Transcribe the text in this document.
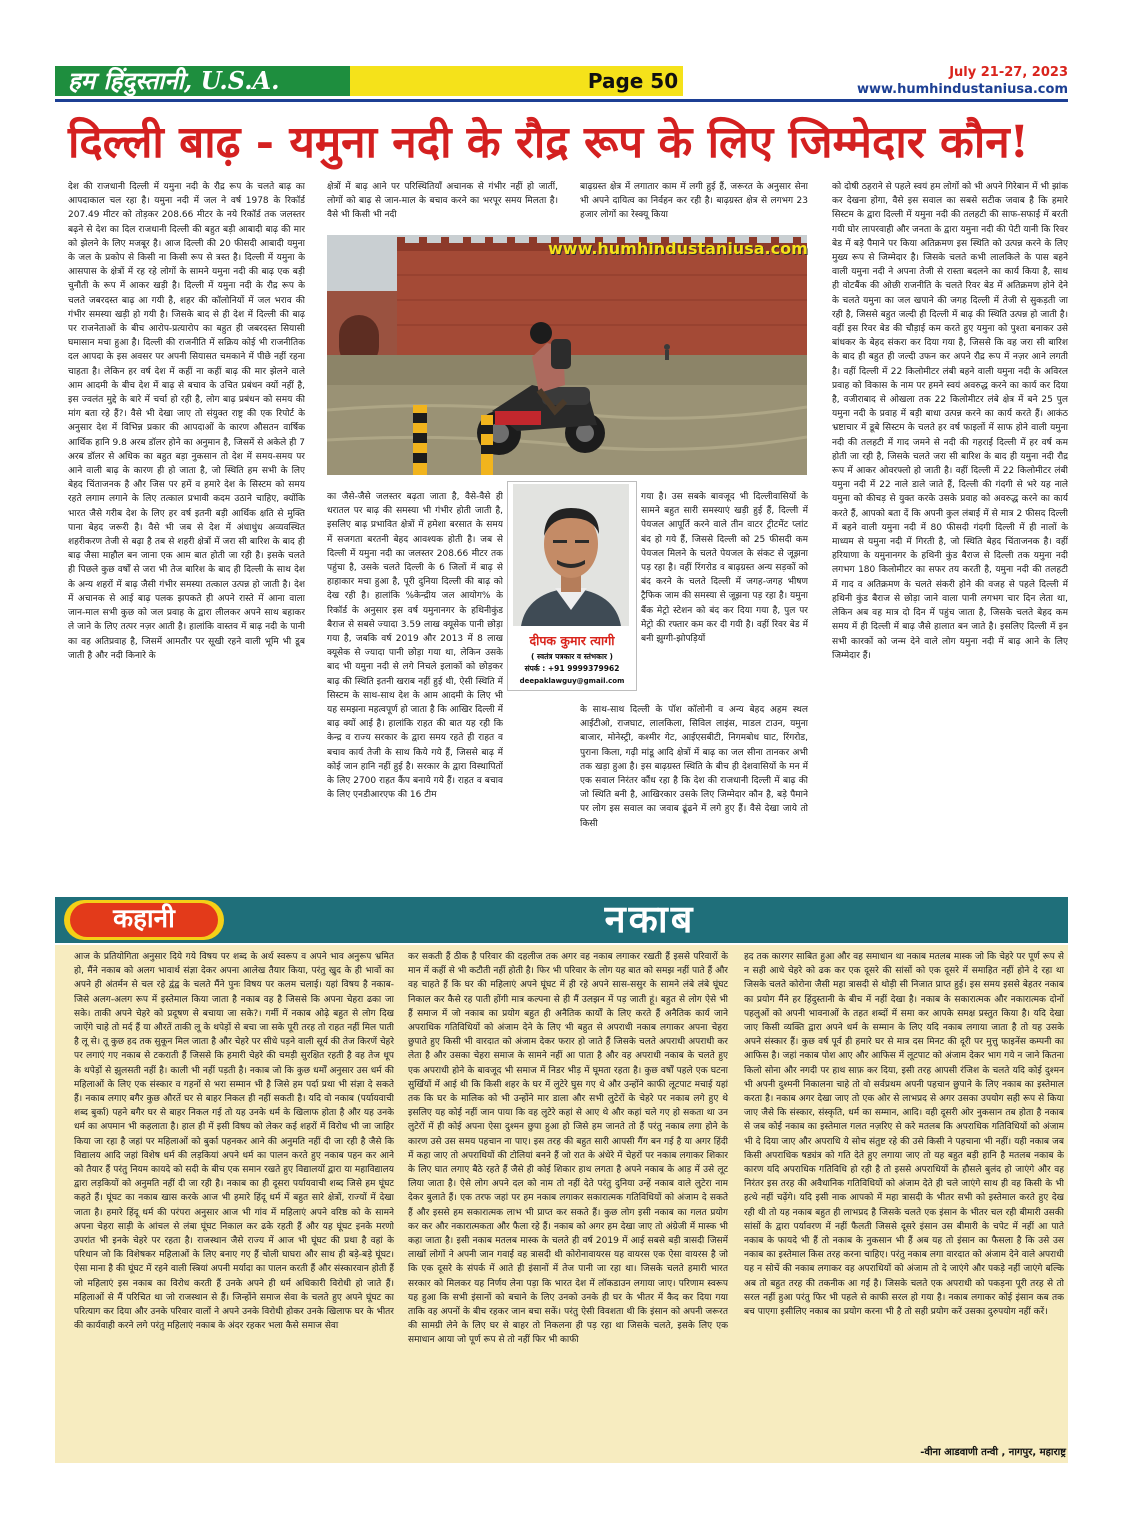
हम हिंदुस्तानी, U.S.A.	Page 50	July 21-27, 2023
www.humhindustaniusa.com
दिल्ली बाढ़ - यमुना नदी के रौद्र रूप के लिए जिम्मेदार कौन!
देश की राजधानी दिल्ली में यमुना नदी के रौद्र रूप के चलते बाढ़ का आपदाकाल चल रहा है। यमुना नदी में जल ने वर्ष 1978 के रिकॉर्ड 207.49 मीटर को तोड़कर 208.66 मीटर के नये रिकॉर्ड तक जलस्तर बढ़ने से देश का दिल राजधानी दिल्ली की बहुत बड़ी आबादी बाढ़ की मार को झेलने के लिए मजबूर है। आज दिल्ली की 20 फीसदी आबादी यमुना के जल के प्रकोप से किसी ना किसी रूप से त्रस्त है। दिल्ली में यमुना के आसपास के क्षेत्रों में रह रहे लोगों के सामने यमुना नदी की बाढ़ एक बड़ी चुनौती के रूप में आकर खड़ी है। दिल्ली में यमुना नदी के रौद्र रूप के चलते जबरदस्त बाढ़ आ गयी है, शहर की कॉलोनियों में जल भराव की गंभीर समस्या खड़ी हो गयी है। जिसके बाद से ही देश में दिल्ली की बाढ़ पर राजनेताओं के बीच आरोप-प्रत्यारोप का बहुत ही जबरदस्त सियासी घमासान मचा हुआ है। दिल्ली की राजनीति में सक्रिय कोई भी राजनीतिक दल आपदा के इस अवसर पर अपनी सियासत चमकाने में पीछे नहीं रहना चाहता है। लेकिन हर वर्ष देश में कहीं ना कहीं बाढ़ की मार झेलने वाले आम आदमी के बीच देश में बाढ़ से बचाव के उचित प्रबंधन क्यों नहीं है, इस ज्वलंत मुद्दे के बारे में चर्चा हो रही है, लोग बाढ़ प्रबंधन को समय की मांग बता रहे हैं?। वैसे भी देखा जाए तो संयुक्त राष्ट्र की एक रिपोर्ट के अनुसार देश में विभिन्न प्रकार की आपदाओं के कारण औसतन वार्षिक आर्थिक हानि 9.8 अरब डॉलर होने का अनुमान है, जिसमें से अकेले ही 7 अरब डॉलर से अधिक का बहुत बड़ा नुकसान तो देश में समय-समय पर आने वाली बाढ़ के कारण ही हो जाता है, जो स्थिति हम सभी के लिए बेहद चिंताजनक है और जिस पर हमें व हमारे देश के सिस्टम को समय रहते लगाम लगाने के लिए तत्काल प्रभावी कदम उठाने चाहिए, क्योंकि भारत जैसे गरीब देश के लिए हर वर्ष इतनी बड़ी आर्थिक क्षति से मुक्ति पाना बेहद जरूरी है। वैसे भी जब से देश में अंधाधुंध अव्यवस्थित शहरीकरण तेजी से बढ़ा है तब से शहरी क्षेत्रों में जरा सी बारिश के बाद ही बाढ़ जैसा माहौल बन जाना एक आम बात होती जा रही है। इसके चलते ही पिछले कुछ वर्षों से जरा भी तेज बारिश के बाद ही दिल्ली के साथ देश के अन्य शहरों में बाढ़ जैसी गंभीर समस्या तत्काल उत्पन्न हो जाती है। देश में अचानक से आई बाढ़ पलक झपकते ही अपने रास्ते में आना वाला जान-माल सभी कुछ को जल प्रवाह के द्वारा लीलकर अपने साथ बहाकर ले जाने के लिए तत्पर नज़र आती है। हालांकि वास्तव में बाढ़ नदी के पानी का वह अतिप्रवाह है, जिसमें आमतौर पर सूखी रहने वाली भूमि भी डूब जाती है और नदी किनारे के
क्षेत्रों में बाढ़ आने पर परिस्थितियाँ अचानक से गंभीर नहीं हो जातीं, लोगों को बाढ़ से जान-माल के बचाव करने का भरपूर समय मिलता है। वैसे भी किसी भी नदी
का जैसे-जैसे जलस्तर बढ़ता जाता है, वैसे-वैसे ही धरातल पर बाढ़ की समस्या भी गंभीर होती जाती है, इसलिए बाढ़ प्रभावित क्षेत्रों में हमेशा बरसात के समय में सजगता बरतनी बेहद आवश्यक होती है। जब से दिल्ली में यमुना नदी का जलस्तर 208.66 मीटर तक पहुंचा है, उसके चलते दिल्ली के 6 जिलों में बाढ़ से हाहाकार मचा हुआ है, पूरी दुनिया दिल्ली की बाढ़ को देख रही है। हालांकि %केन्द्रीय जल आयोग% के रिकॉर्ड के अनुसार इस वर्ष यमुनानगर के हथिनीकुंड बैराज से सबसे ज्यादा 3.59 लाख क्यूसेक पानी छोड़ा गया है, जबकि वर्ष 2019 और 2013 में 8 लाख क्यूसेक से ज्यादा पानी छोड़ा गया था, लेकिन उसके बाद भी यमुना नदी से लगे निचले इलाकों को छोड़कर बाढ़ की स्थिति इतनी खराब नहीं हुई थी, ऐसी स्थिति में सिस्टम के साथ-साथ देश के आम आदमी के लिए भी यह समझना महत्वपूर्ण हो जाता है कि आखिर दिल्ली में बाढ़ क्यों आई है। हालांकि राहत की बात यह रही कि केन्द्र व राज्य सरकार के द्वारा समय रहते ही राहत व बचाव कार्य तेजी के साथ किये गये हैं, जिससे बाढ़ में कोई जान हानि नहीं हुई है। सरकार के द्वारा विस्थापितों के लिए 2700 राहत कैंप बनाये गये हैं। राहत व बचाव के लिए एनडीआरएफ की 16 टीम
बाढ़ग्रस्त क्षेत्र में लगातार काम में लगी हुई हैं, जरूरत के अनुसार सेना भी अपने दायित्व का निर्वहन कर रही है। बाढ़ग्रस्त क्षेत्र से लगभग 23 हजार लोगों का रेस्क्यू किया
गया है। उस सबके बावजूद भी दिल्लीवासियों के सामने बहुत सारी समस्याएं खड़ी हुई हैं, दिल्ली में पेयजल आपूर्ति करने वाले तीन वाटर ट्रीटमेंट प्लांट बंद हो गये हैं, जिससे दिल्ली को 25 फीसदी कम पेयजल मिलने के चलते पेयजल के संकट से जूझना पड़ रहा है। वहीं रिंगरोड व बाढ़ग्रस्त अन्य सड़कों को बंद करने के चलते दिल्ली में जगह-जगह भीषण ट्रैफिक जाम की समस्या से जूझना पड़ रहा है। यमुना बैंक मेट्रो स्टेशन को बंद कर दिया गया है, पुल पर मेट्रो की रफ्तार कम कर दी गयी है। वहीं रिवर बेड में बनी झुग्गी-झोपड़ियों
के साथ-साथ दिल्ली के पॉश कॉलोनी व अन्य बेहद अहम स्थल आईटीओ, राजघाट, लालकिला, सिविल लाइंस, माडल टाउन, यमुना बाजार, मोनेस्ट्री, कश्मीर गेट, आईएसबीटी, निगमबोध घाट, रिंगरोड, पुराना किला, गढ़ी मांडू आदि क्षेत्रों में बाढ़ का जल सीना तानकर अभी तक खड़ा हुआ है। इस बाढ़ग्रस्त स्थिति के बीच ही देशवासियों के मन में एक सवाल निरंतर कौंध रहा है कि देश की राजधानी दिल्ली में बाढ़ की जो स्थिति बनी है, आखिरकार उसके लिए जिम्मेदार कौन है, बड़े पैमाने पर लोग इस सवाल का जवाब ढूंढने में लगे हुए हैं। वैसे देखा जाये तो किसी
को दोषी ठहराने से पहले स्वयं हम लोगों को भी अपने गिरेबान में भी झांक कर देखना होगा, वैसे इस सवाल का सबसे सटीक जवाब है कि हमारे सिस्टम के द्वारा दिल्ली में यमुना नदी की तलहटी की साफ-सफाई में बरती गयी घोर लापरवाही और जनता के द्वारा यमुना नदी की पेटी यानी कि रिवर बेड में बड़े पैमाने पर किया अतिक्रमण इस स्थिति को उत्पन्न करने के लिए मुख्य रूप से जिम्मेदार है। जिसके चलते कभी लालकिले के पास बहने वाली यमुना नदी ने अपना तेजी से रास्ता बदलने का कार्य किया है, साथ ही वोटबैंक की ओछी राजनीति के चलते रिवर बेड में अतिक्रमण होने देने के चलते यमुना का जल खपाने की जगह दिल्ली में तेजी से सुकड़ती जा रही है, जिससे बहुत जल्दी ही दिल्ली में बाढ़ की स्थिति उत्पन्न हो जाती है। वहीं इस रिवर बेड की चौड़ाई कम करते हुए यमुना को पुश्ता बनाकर उसे बांधकर के बेहद संकरा कर दिया गया है, जिससे कि वह जरा सी बारिश के बाद ही बहुत ही जल्दी उफन कर अपने रौद्र रूप में नज़र आने लगती है। वहीं दिल्ली में 22 किलोमीटर लंबी बहने वाली यमुना नदी के अविरल प्रवाह को विकास के नाम पर हमने स्वयं अवरुद्ध करने का कार्य कर दिया है, वजीराबाद से ओखला तक 22 किलोमीटर लंबे क्षेत्र में बने 25 पुल यमुना नदी के प्रवाह में बड़ी बाधा उत्पन्न करने का कार्य करते हैं। आकंठ भ्रष्टाचार में डूबे सिस्टम के चलते हर वर्ष फाइलों में साफ होने वाली यमुना नदी की तलहटी में गाद जमने से नदी की गहराई दिल्ली में हर वर्ष कम होती जा रही है, जिसके चलते जरा सी बारिश के बाद ही यमुना नदी रौद्र रूप में आकर ओवरफ्लो हो जाती है। वहीं दिल्ली में 22 किलोमीटर लंबी यमुना नदी में 22 नाले डाले जाते हैं, दिल्ली की गंदगी से भरे यह नाले यमुना को कीचड़ से युक्त करके उसके प्रवाह को अवरुद्ध करने का कार्य करते हैं, आपको बता दें कि अपनी कुल लंबाई में से मात्र 2 फीसद दिल्ली में बहने वाली यमुना नदी में 80 फीसदी गंदगी दिल्ली में ही नालों के माध्यम से यमुना नदी में गिरती है, जो स्थिति बेहद चिंताजनक है। वहीं हरियाणा के यमुनानगर के हथिनी कुंड बैराज से दिल्ली तक यमुना नदी लगभग 180 किलोमीटर का सफर तय करती है, यमुना नदी की तलहटी में गाद व अतिक्रमण के चलते संकरी होने की वजह से पहले दिल्ली में हथिनी कुंड बैराज से छोड़ा जाने वाला पानी लगभग चार दिन लेता था, लेकिन अब वह मात्र दो दिन में पहुंच जाता है, जिसके चलते बेहद कम समय में ही दिल्ली में बाढ़ जैसे हालात बन जाते है। इसलिए दिल्ली में इन सभी कारकों को जन्म देने वाले लोग यमुना नदी में बाढ़ आने के लिए जिम्मेदार हैं।
www.humhindustaniusa.com
दीपक कुमार त्यागी
( स्वतंत्र पत्रकार व स्तंभकार )
संपर्क : +91 9999379962
deepaklawguy@gmail.com
कहानी	नकाब
आज के प्रतियोगिता अनुसार दिये गये विषय पर शब्द के अर्थ स्वरूप व अपने भाव अनुरूप भ्रमित हो, मैंने नकाब को अलग भावार्थ संज्ञा देकर अपना आलेख तैयार किया, परंतु खुद के ही भावों का अपने ही अंतर्मन से चल रहे द्वंद्व के चलते मैंने पुनः विषय पर कलम चलाई। यहां विषय है नकाब- जिसे अलग-अलग रूप में इस्तेमाल किया जाता है नकाब वह है जिससे कि अपना चेहरा ढका जा सके। ताकी अपने चेहरे को प्रदूषण से बचाया जा सके?। गर्मी में नकाब ओढ़े बहुत से लोग दिख जाऐंगे चाहे तो मर्द हैं या औरतें ताकी लू के थपेड़ों से बचा जा सके पूरी तरह तो राहत नहीं मिल पाती है लू से। तू कुछ हद तक सुकून मिल जाता है और चेहरे पर सीधे पड़ने वाली सूर्य की तेज किरणें चेहरे पर लगाएं गए नकाब से टकराती हैं जिससे कि हमारी चेहरे की चमड़ी सुरक्षित रहती है वह तेज धूप के थपेड़ों से झुलसती नहीं है। काली भी नहीं पड़ती है। नकाब जो कि कुछ धर्मों अनुसार उस धर्म की महिलाओं के लिए एक संस्कार व गहनों से भरा सम्मान भी है जिसे हम पर्दा प्रथा भी संज्ञा दे सकते हैं। नकाब लगाए बगैर कुछ औरतें घर से बाहर निकल ही नहीं सकती है। यदि वो नकाब (पर्यायवाची शब्द बुर्का) पहने बगैर घर से बाहर निकल गई तो यह उनके धर्म के खिलाफ होता है और यह उनके धर्म का अपमान भी कहलाता है। हाल ही में इसी विषय को लेकर कई शहरों में विरोध भी जा जाहिर किया जा रहा है जहां पर महिलाओं को बुर्का पहनकर आने की अनुमति नहीं दी जा रही है जैसे कि विद्यालय आदि जहां विशेष धर्म की लड़कियां अपने धर्म का पालन करते हुए नकाब पहन कर आने को तैयार हैं परंतु नियम कायदे को सदी के बीच एक समान रखते हुए विद्यालयों द्वारा या महाविद्यालय द्वारा लड़कियों को अनुमति नहीं दी जा रही है। नकाब का ही दूसरा पर्यायवाची शब्द जिसे हम घूंघट कहते हैं। घूंघट का नकाब खास करके आज भी हमारे हिंदू धर्म में बहुत सारे क्षेत्रों, राज्यों में देखा जाता है। हमारे हिंदू धर्म की परंपरा अनुसार आज भी गांव में महिलाएं अपने वरिष्ठ को के सामने अपना चेहरा साड़ी के आंचल से लंबा घूंघट निकाल कर ढके रहती हैं और यह घूंघट इनके मरणो उपरांत भी इनके चेहरे पर रहता है। राजस्थान जैसे राज्य में आज भी घूंघट की प्रथा है वहां के परिधान जो कि विशेषकर महिलाओं के लिए बनाए गए हैं चोली घाघरा और साथ ही बड़े-बड़े घूंघट। ऐसा माना है की घूंघट में रहने वाली स्त्रियां अपनी मर्यादा का पालन करती हैं और संस्कारवान होती हैं जो महिलाएं इस नकाब का विरोध करती हैं उनके अपने ही धर्म अधिकारी विरोधी हो जाते हैं। महिलाओं से मैं परिचित था जो राजस्थान से हैं। जिन्होंने समाज सेवा के चलते हुए अपने घूंघट का परित्याग कर दिया और उनके परिवार वालों ने अपने उनके विरोधी होकर उनके खिलाफ घर के भीतर की कार्यवाही करने लगे परंतु महिलाएं नकाब के अंदर रहकर भला कैसे समाज सेवा
कर सकती हैं ठीक है परिवार की दहलीज तक अगर वह नकाब लगाकर रखती हैं इससे परिवारों के मान में कहीं से भी कटौती नहीं होती है। फिर भी परिवार के लोग यह बात को समझ नहीं पाते हैं और वह चाहते हैं कि घर की महिलाएं अपने घूंघट में ही रहे अपने सास-ससुर के सामने लंबे लंबे घूंघट निकाल कर कैसे रह पाती होंगी मात्र कल्पना से ही मैं उलझन में पड़ जाती हूं। बहुत से लोग ऐसे भी हैं समाज में जो नकाब का प्रयोग बहुत ही अनैतिक कार्यों के लिए करते हैं अनैतिक कार्य जाने अपराधिक गतिविधियों को अंजाम देने के लिए भी बहुत से अपराधी नकाब लगाकर अपना चेहरा छुपाते हुए किसी भी वारदात को अंजाम देकर फरार हो जाते हैं जिसके चलते अपराधी अपराधी कर लेता है और उसका चेहरा समाज के सामने नहीं आ पाता है और वह अपराधी नकाब के चलते हुए एक अपराधी होने के बावजूद भी समाज में निडर भीड़ में घूमता रहता है। कुछ वर्षों पहले एक घटना सुर्खियों में आई थी कि किसी शहर के घर में लुटेरे घुस गए थे और उन्होंने काफी लूटपाट मचाई यहां तक कि घर के मालिक को भी उन्होंने मार डाला और सभी लुटेरों के चेहरे पर नकाब लगे हुए थे इसलिए यह कोई नहीं जान पाया कि वह लुटेरे कहां से आए थे और कहां चले गए हो सकता था उन लुटेरों में ही कोई अपना ऐसा दुश्मन छुपा हुआ हो जिसे हम जानते तो हैं परंतु नकाब लगा होने के कारण उसे उस समय पहचान ना पाए। इस तरह की बहुत सारी आपसी गैंग बन गई है या अगर हिंदी में कहा जाए तो अपराधियों की टोलियां बनने हैं जो रात के अंधेरे में चेहरों पर नकाब लगाकर शिकार के लिए घात लगाए बैठे रहते हैं जैसे ही कोई शिकार हाथ लगता है अपने नकाब के आड़ में उसे लूट लिया जाता है। ऐसे लोग अपने दल को नाम तो नहीं देते परंतु दुनिया उन्हें नकाब वाले लुटेरा नाम देकर बुलाते हैं। एक तरफ जहां पर हम नकाब लगाकर सकारात्मक गतिविधियों को अंजाम दे सकते हैं और इससे हम सकारात्मक लाभ भी प्राप्त कर सकते हैं। कुछ लोग इसी नकाब का गलत प्रयोग कर कर और नकारात्मकता और फैला रहे हैं। नकाब को अगर हम देखा जाए तो अंग्रेजी में मास्क भी कहा जाता है। इसी नकाब मतलब मास्क के चलते ही वर्ष 2019 में आई सबसे बड़ी त्रासदी जिसमें लाखों लोगों ने अपनी जान गवाई वह त्रासदी थी कोरोनावायरस यह वायरस एक ऐसा वायरस है जो कि एक दूसरे के संपर्क में आते ही इंसानों में तेज पानी जा रहा था। जिसके चलते हमारी भारत सरकार को मिलकर यह निर्णय लेना पड़ा कि भारत देश में लॉकडाउन लगाया जाए। परिणाम स्वरूप यह हुआ कि सभी इंसानों को बचाने के लिए उनको उनके ही घर के भीतर में कैद कर दिया गया ताकि वह अपनों के बीच रहकर जान बचा सकें। परंतु ऐसी विवशता थी कि इंसान को अपनी जरूरत की सामग्री लेने के लिए घर से बाहर तो निकलना ही पड़ रहा था जिसके चलते, इसके लिए एक समाधान आया जो पूर्ण रूप से तो नहीं फिर भी काफी
हद तक कारगर साबित हुआ और वह समाधान था नकाब मतलब मास्क जो कि चेहरे पर पूर्ण रूप से न सही आधे चेहरे को ढक कर एक दूसरे की सांसों को एक दूसरे में समाहित नहीं होने दे रहा था जिसके चलते कोरोना जैसी महा त्रासदी से थोड़ी सी निजात प्राप्त हुई। इस समय इससे बेहतर नकाब का प्रयोग मैंने हर हिंदुस्तानी के बीच में नहीं देखा है। नकाब के सकारात्मक और नकारात्मक दोनों पहलुओं को अपनी भावनाओं के तहत शब्दों में समा कर आपके समक्ष प्रस्तुत किया है। यदि देखा जाए किसी व्यक्ति द्वारा अपने धर्म के सम्मान के लिए यदि नकाब लगाया जाता है तो यह उसके अपने संस्कार हैं। कुछ वर्ष पूर्व ही हमारे घर से मात्र दस मिनट की दूरी पर मुत्तु फाइनेंस कम्पनी का आफिस है। जहां नकाब पोश आए और आफिस में लूटपाट को अंजाम देकर भाग गये न जाने कितना किलो सोना और नगदी पर हाथ साफ़ कर दिया, इसी तरह आपसी रंजिश के चलते यदि कोई दुश्मन भी अपनी दुश्मनी निकालना चाहे तो वो सर्वप्रथम अपनी पहचान छुपाने के लिए नकाब का इस्तेमाल करता है। नकाब अगर देखा जाए तो एक ओर से लाभप्रद से अगर उसका उपयोग सही रूप से किया जाए जैसे कि संस्कार, संस्कृति, धर्म का सम्मान, आदि। वही दूसरी ओर नुकसान तब होता है नकाब से जब कोई नकाब का इस्तेमाल गलत नज़रिए से करे मतलब कि अपराधिक गतिविधियों को अंजाम भी दे दिया जाए और अपराधि ये सोच संतुष्ट रहे की उसे किसी ने पहचाना भी नहीं। यही नकाब जब किसी अपराधिक षड्यंत्र को गति देते हुए लगाया जाए तो यह बहुत बड़ी हानि है मतलब नकाब के कारण यदि अपराधिक गतिविधि हो रही है तो इससे अपराधियों के हौसले बुलंद हो जाएंगे और वह निरंतर इस तरह की अवैधानिक गतिविधियों को अंजाम देते ही चले जाएंगे साथ ही वह किसी के भी हत्थे नहीं चढ़ेंगे। यदि इसी नाक आपको में महा त्रासदी के भीतर सभी को इस्तेमाल करते हुए देख रही थी तो यह नकाब बहुत ही लाभप्रद है जिसके चलते एक इंसान के भीतर चल रही बीमारी उसकी सांसों के द्वारा पर्यावरण में नहीं फैलती जिससे दूसरे इंसान उस बीमारी के चपेट में नहीं आ पाते नकाब के फायदे भी हैं तो नकाब के नुकसान भी हैं अब यह तो इंसान का फैसला है कि उसे उस नकाब का इस्तेमाल किस तरह करना चाहिए। परंतु नकाब लगा वारदात को अंजाम देने वाले अपराधी यह न सोचें की नकाब लगाकर वह अपराधियों को अंजाम तो दे जाएंगे और पकड़े नहीं जाएंगे बल्कि अब तो बहुत तरह की तकनीक आ गई है। जिसके चलते एक अपराधी को पकड़ना पूरी तरह से तो सरल नहीं हुआ परंतु फिर भी पहले से काफी सरल हो गया है। नकाब लगाकर कोई इंसान कब तक बच पाएगा इसीलिए नकाब का प्रयोग करना भी है तो सही प्रयोग करें उसका दुरुपयोग नहीं करें।
-वीना आडवाणी तन्वी , नागपुर, महाराष्ट्र
